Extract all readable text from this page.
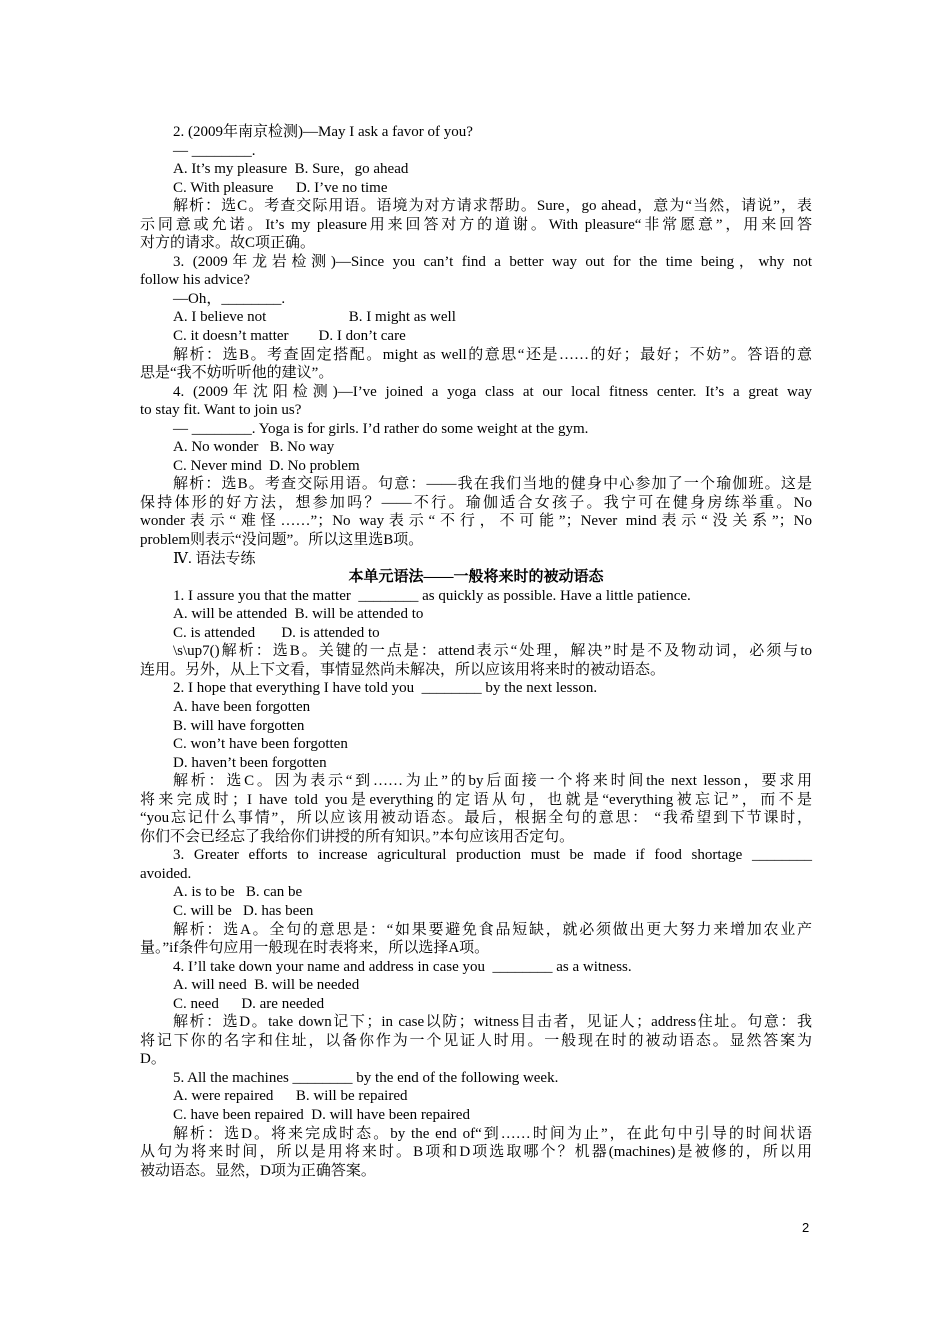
2. (2009年南京检测)—May I ask a favor of you?
— ________.
A. It’s my pleasure  B. Sure，go ahead
C. With pleasure      D. I’ve no time
解析：选C。考查交际用语。语境为对方请求帮助。Sure，go ahead，意为“当然，请说”，表
示同意或允诺。It’s my pleasure用来回答对方的道谢。With pleasure“非常愿意”，用来回答
对方的请求。故C项正确。
3. (2009年龙岩检测)—Since you can’t find a better way out for the time being，why not
follow his advice?
—Oh，________.
A. I believe not                      B. I might as well
C. it doesn’t matter        D. I don’t care
解析：选B。考查固定搭配。might as well的意思“还是……的好；最好；不妨”。答语的意
思是“我不妨听听他的建议”。
4. (2009年沈阳检测)—I’ve joined a yoga class at our local fitness center. It’s a great way
to stay fit. Want to join us?
— ________. Yoga is for girls. I’d rather do some weight at the gym.
A. No wonder   B. No way
C. Never mind  D. No problem
解析：选B。考查交际用语。句意：——我在我们当地的健身中心参加了一个瑜伽班。这是
保持体形的好方法，想参加吗？——不行。瑜伽适合女孩子。我宁可在健身房练举重。No
wonder表示“难怪……”；No way表示“不行，不可能”；Never mind表示“没关系”；No
problem则表示“没问题”。所以这里选B项。
Ⅳ. 语法专练
本单元语法——一般将来时的被动语态
1. I assure you that the matter  ________ as quickly as possible. Have a little patience.
A. will be attended  B. will be attended to
C. is attended       D. is attended to
\s\up7()解析：选B。关键的一点是：attend表示“处理，解决”时是不及物动词，必须与to
连用。另外，从上下文看，事情显然尚未解决，所以应该用将来时的被动语态。
2. I hope that everything I have told you  ________ by the next lesson.
A. have been forgotten
B. will have forgotten
C. won’t have been forgotten
D. haven’t been forgotten
解析：选C。因为表示“到……为止”的by后面接一个将来时间the next lesson，要求用
将来完成时；I have told you是everything的定语从句，也就是“everything被忘记”，而不是
“you忘记什么事情”，所以应该用被动语态。最后，根据全句的意思： “我希望到下节课时，
你们不会已经忘了我给你们讲授的所有知识。”本句应该用否定句。
3. Greater efforts to increase agricultural production must be made if food shortage ________
avoided.
A. is to be   B. can be
C. will be   D. has been
解析：选A。全句的意思是：“如果要避免食品短缺，就必须做出更大努力来增加农业产
量。”if条件句应用一般现在时表将来，所以选择A项。
4. I’ll take down your name and address in case you  ________ as a witness.
A. will need  B. will be needed
C. need      D. are needed
解析：选D。take down记下；in case以防；witness目击者，见证人；address住址。句意：我
将记下你的名字和住址，以备你作为一个见证人时用。一般现在时的被动语态。显然答案为
D。
5. All the machines ________ by the end of the following week.
A. were repaired      B. will be repaired
C. have been repaired  D. will have been repaired
解析：选D。将来完成时态。by the end of“到……时间为止”，在此句中引导的时间状语
从句为将来时间，所以是用将来时。B项和D项选取哪个？机器(machines)是被修的，所以用
被动语态。显然，D项为正确答案。
2
